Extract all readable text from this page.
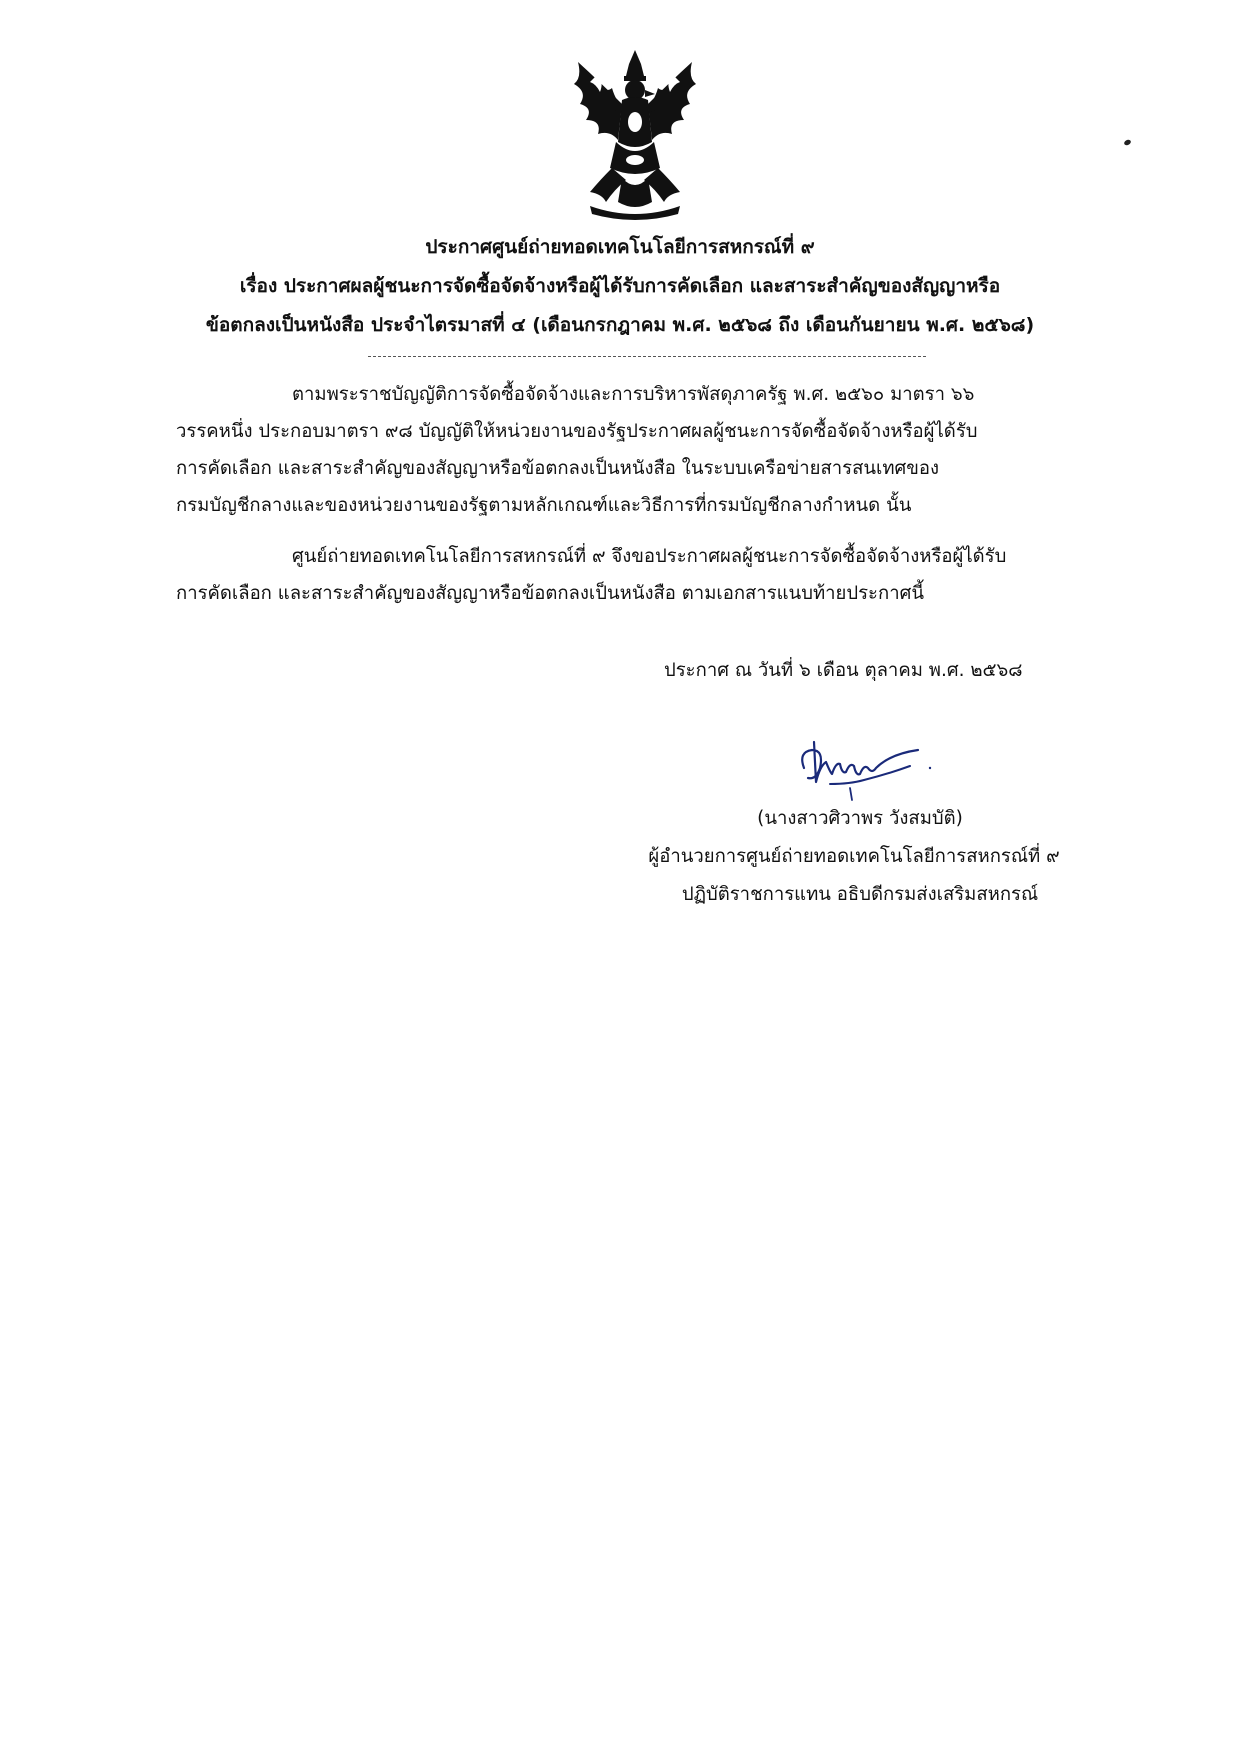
ประกาศศูนย์ถ่ายทอดเทคโนโลยีการสหกรณ์ที่ ๙
เรื่อง ประกาศผลผู้ชนะการจัดซื้อจัดจ้างหรือผู้ได้รับการคัดเลือก และสาระสำคัญของสัญญาหรือ
ข้อตกลงเป็นหนังสือ ประจำไตรมาสที่ ๔ (เดือนกรกฎาคม พ.ศ. ๒๕๖๘ ถึง เดือนกันยายน พ.ศ. ๒๕๖๘)

ตามพระราชบัญญัติการจัดซื้อจัดจ้างและการบริหารพัสดุภาครัฐ พ.ศ. ๒๕๖๐ มาตรา ๖๖
วรรคหนึ่ง ประกอบมาตรา ๙๘ บัญญัติให้หน่วยงานของรัฐประกาศผลผู้ชนะการจัดซื้อจัดจ้างหรือผู้ได้รับ
การคัดเลือก และสาระสำคัญของสัญญาหรือข้อตกลงเป็นหนังสือ ในระบบเครือข่ายสารสนเทศของ
กรมบัญชีกลางและของหน่วยงานของรัฐตามหลักเกณฑ์และวิธีการที่กรมบัญชีกลางกำหนด นั้น

ศูนย์ถ่ายทอดเทคโนโลยีการสหกรณ์ที่ ๙ จึงขอประกาศผลผู้ชนะการจัดซื้อจัดจ้างหรือผู้ได้รับ
การคัดเลือก และสาระสำคัญของสัญญาหรือข้อตกลงเป็นหนังสือ ตามเอกสารแนบท้ายประกาศนี้

ประกาศ ณ วันที่ ๖ เดือน ตุลาคม พ.ศ. ๒๕๖๘
(นางสาวศิวาพร วังสมบัติ)
ผู้อำนวยการศูนย์ถ่ายทอดเทคโนโลยีการสหกรณ์ที่ ๙
ปฏิบัติราชการแทน อธิบดีกรมส่งเสริมสหกรณ์
